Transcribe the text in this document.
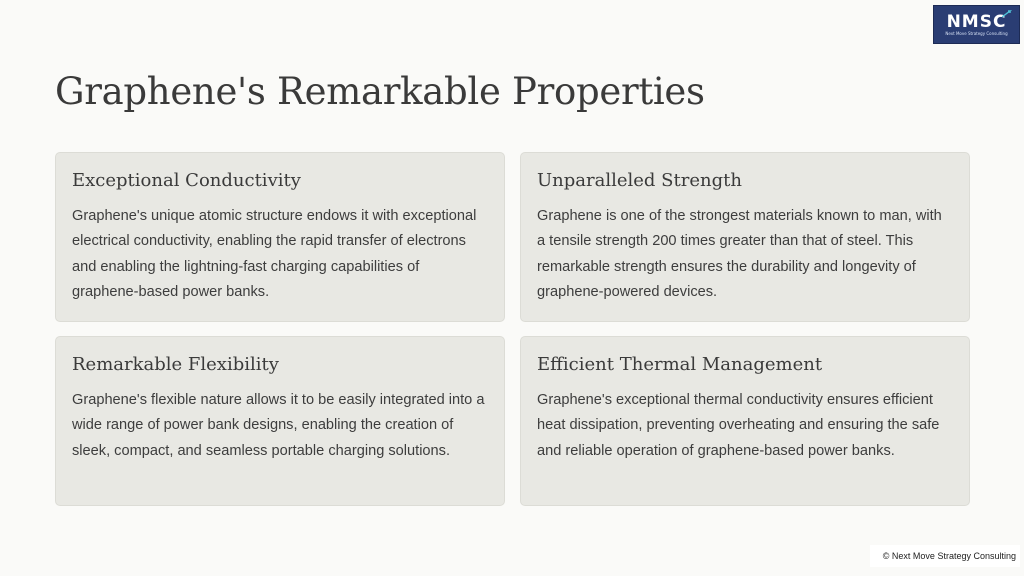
NMSC
Next Move Strategy Consulting
Graphene's Remarkable Properties
Exceptional Conductivity
Graphene's unique atomic structure endows it with exceptional electrical conductivity, enabling the rapid transfer of electrons and enabling the lightning-fast charging capabilities of graphene-based power banks.
Unparalleled Strength
Graphene is one of the strongest materials known to man, with a tensile strength 200 times greater than that of steel. This remarkable strength ensures the durability and longevity of graphene-powered devices.
Remarkable Flexibility
Graphene's flexible nature allows it to be easily integrated into a wide range of power bank designs, enabling the creation of sleek, compact, and seamless portable charging solutions.
Efficient Thermal Management
Graphene's exceptional thermal conductivity ensures efficient heat dissipation, preventing overheating and ensuring the safe and reliable operation of graphene-based power banks.
© Next Move Strategy Consulting
